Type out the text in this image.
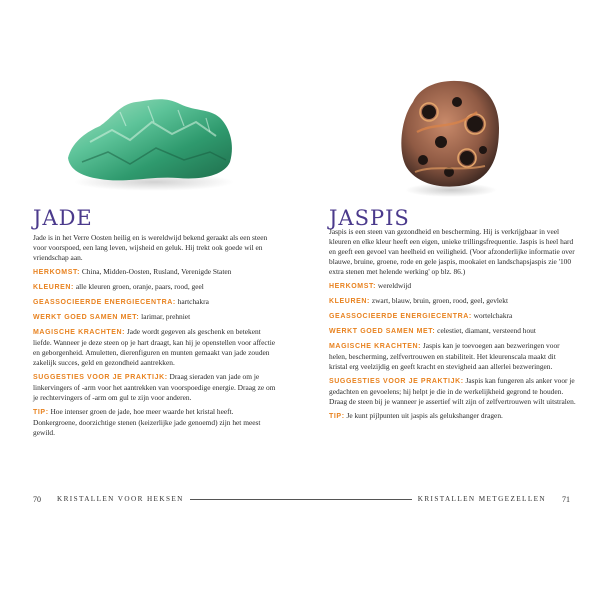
JADE

Jade is in het Verre Oosten heilig en is wereldwijd bekend geraakt als een steen voor voorspoed, een lang leven, wijsheid en geluk. Hij trekt ook goede wil en vriendschap aan.

HERKOMST: China, Midden-Oosten, Rusland, Verenigde Staten

KLEUREN: alle kleuren groen, oranje, paars, rood, geel

GEASSOCIEERDE ENERGIECENTRA: hartchakra

WERKT GOED SAMEN MET: larimar, prehniet

MAGISCHE KRACHTEN: Jade wordt gegeven als geschenk en betekent liefde. Wanneer je deze steen op je hart draagt, kan hij je openstellen voor affectie en geborgenheid. Amuletten, dierenfiguren en munten gemaakt van jade zouden zakelijk succes, geld en gezondheid aantrekken.

SUGGESTIES VOOR JE PRAKTIJK: Draag sieraden van jade om je linkervingers of -arm voor het aantrekken van voorspoedige energie. Draag ze om je rechtervingers of -arm om gul te zijn voor anderen.

TIP: Hoe intenser groen de jade, hoe meer waarde het kristal heeft. Donkergroene, doorzichtige stenen (keizerlijke jade genoemd) zijn het meest gewild.

JASPIS

Jaspis is een steen van gezondheid en bescherming. Hij is verkrijgbaar in veel kleuren en elke kleur heeft een eigen, unieke trillingsfrequentie. Jaspis is heel hard en geeft een gevoel van heelheid en veiligheid. (Voor afzonderlijke informatie over blauwe, bruine, groene, rode en gele jaspis, mookaiet en landschapsjaspis zie '100 extra stenen met helende werking' op blz. 86.)

HERKOMST: wereldwijd

KLEUREN: zwart, blauw, bruin, groen, rood, geel, gevlekt

GEASSOCIEERDE ENERGIECENTRA: wortelchakra

WERKT GOED SAMEN MET: celestiet, diamant, versteend hout

MAGISCHE KRACHTEN: Jaspis kan je toevoegen aan bezweringen voor helen, bescherming, zelfvertrouwen en stabiliteit. Het kleurenscala maakt dit kristal erg veelzijdig en geeft kracht en stevigheid aan allerlei bezweringen.

SUGGESTIES VOOR JE PRAKTIJK: Jaspis kan fungeren als anker voor je gedachten en gevoelens; hij helpt je die in de werkelijkheid gegrond te houden. Draag de steen bij je wanneer je assertief wilt zijn of zelfvertrouwen wilt uitstralen.

TIP: Je kunt pijlpunten uit jaspis als gelukshanger dragen.

70 KRISTALLEN VOOR HEKSEN	KRISTALLEN METGEZELLEN 71
